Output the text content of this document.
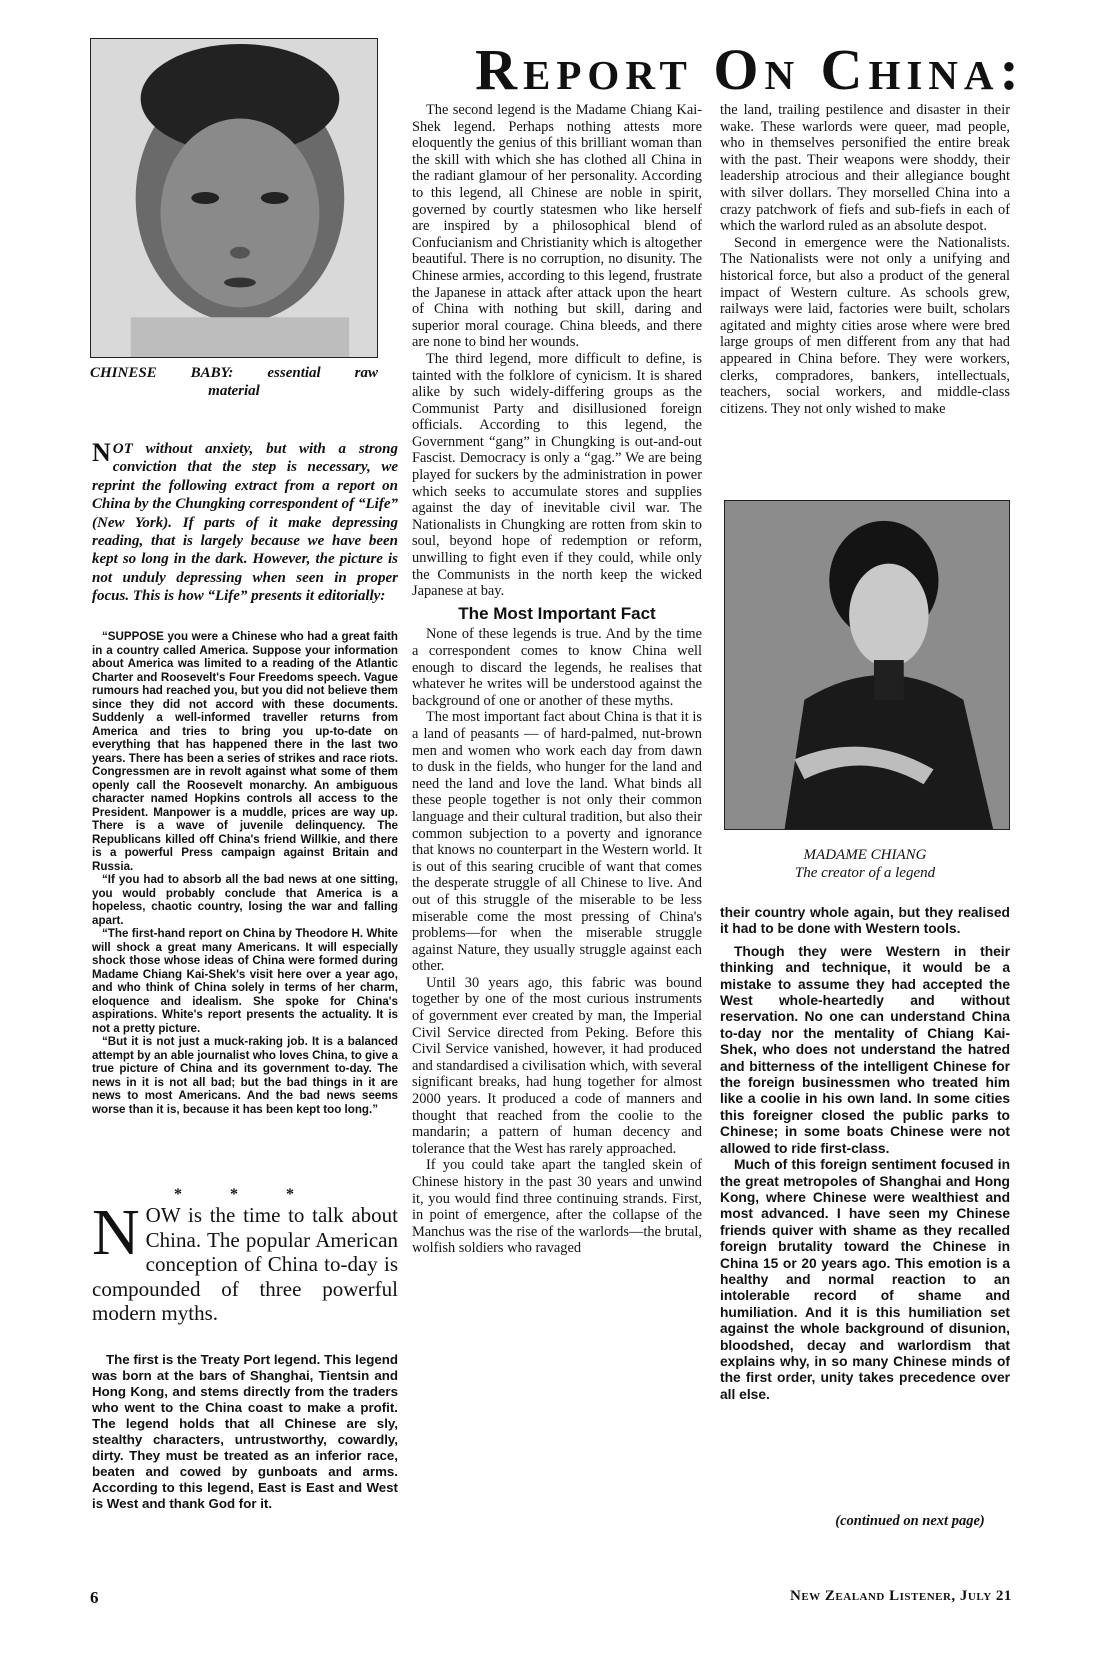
Report On China:
CHINESE BABY: essential raw
material
NOT without anxiety, but with a strong conviction that the step is necessary, we reprint the following extract from a report on China by the Chungking correspondent of “Life” (New York). If parts of it make depressing reading, that is largely because we have been kept so long in the dark. However, the picture is not unduly depressing when seen in proper focus. This is how “Life” presents it editorially:

“SUPPOSE you were a Chinese who had a great faith in a country called America. Suppose your information about America was limited to a reading of the Atlantic Charter and Roosevelt's Four Freedoms speech. Vague rumours had reached you, but you did not believe them since they did not accord with these documents. Suddenly a well-informed traveller returns from America and tries to bring you up-to-date on everything that has happened there in the last two years. There has been a series of strikes and race riots. Congressmen are in revolt against what some of them openly call the Roosevelt monarchy. An ambiguous character named Hopkins controls all access to the President. Manpower is a muddle, prices are way up. There is a wave of juvenile delinquency. The Republicans killed off China's friend Willkie, and there is a powerful Press campaign against Britain and Russia.

“If you had to absorb all the bad news at one sitting, you would probably conclude that America is a hopeless, chaotic country, losing the war and falling apart.

“The first-hand report on China by Theodore H. White will shock a great many Americans. It will especially shock those whose ideas of China were formed during Madame Chiang Kai-Shek's visit here over a year ago, and who think of China solely in terms of her charm, eloquence and idealism. She spoke for China's aspirations. White's report presents the actuality. It is not a pretty picture.

“But it is not just a muck-raking job. It is a balanced attempt by an able journalist who loves China, to give a true picture of China and its government to-day. The news in it is not all bad; but the bad things in it are news to most Americans. And the bad news seems worse than it is, because it has been kept too long.”

* * *
NOW is the time to talk about China. The popular American conception of China to-day is compounded of three powerful modern myths.

The first is the Treaty Port legend. This legend was born at the bars of Shanghai, Tientsin and Hong Kong, and stems directly from the traders who went to the China coast to make a profit. The legend holds that all Chinese are sly, stealthy characters, untrustworthy, cowardly, dirty. They must be treated as an inferior race, beaten and cowed by gunboats and arms. According to this legend, East is East and West is West and thank God for it.

The second legend is the Madame Chiang Kai-Shek legend. Perhaps nothing attests more eloquently the genius of this brilliant woman than the skill with which she has clothed all China in the radiant glamour of her personality. According to this legend, all Chinese are noble in spirit, governed by courtly statesmen who like herself are inspired by a philosophical blend of Confucianism and Christianity which is altogether beautiful. There is no corruption, no disunity. The Chinese armies, according to this legend, frustrate the Japanese in attack after attack upon the heart of China with nothing but skill, daring and superior moral courage. China bleeds, and there are none to bind her wounds.

The third legend, more difficult to define, is tainted with the folklore of cynicism. It is shared alike by such widely-differing groups as the Communist Party and disillusioned foreign officials. According to this legend, the Government “gang” in Chungking is out-and-out Fascist. Democracy is only a “gag.” We are being played for suckers by the administration in power which seeks to accumulate stores and supplies against the day of inevitable civil war. The Nationalists in Chungking are rotten from skin to soul, beyond hope of redemption or reform, unwilling to fight even if they could, while only the Communists in the north keep the wicked Japanese at bay.

The Most Important Fact

None of these legends is true. And by the time a correspondent comes to know China well enough to discard the legends, he realises that whatever he writes will be understood against the background of one or another of these myths.

The most important fact about China is that it is a land of peasants — of hard-palmed, nut-brown men and women who work each day from dawn to dusk in the fields, who hunger for the land and need the land and love the land. What binds all these people together is not only their common language and their cultural tradition, but also their common subjection to a poverty and ignorance that knows no counterpart in the Western world. It is out of this searing crucible of want that comes the desperate struggle of all Chinese to live. And out of this struggle of the miserable to be less miserable come the most pressing of China's problems—for when the miserable struggle against Nature, they usually struggle against each other.

Until 30 years ago, this fabric was bound together by one of the most curious instruments of government ever created by man, the Imperial Civil Service directed from Peking. Before this Civil Service vanished, however, it had produced and standardised a civilisation which, with several significant breaks, had hung together for almost 2000 years. It produced a code of manners and thought that reached from the coolie to the mandarin; a pattern of human decency and tolerance that the West has rarely approached.

If you could take apart the tangled skein of Chinese history in the past 30 years and unwind it, you would find three continuing strands. First, in point of emergence, after the collapse of the Manchus was the rise of the warlords—the brutal, wolfish soldiers who ravaged

the land, trailing pestilence and disaster in their wake. These warlords were queer, mad people, who in themselves personified the entire break with the past. Their weapons were shoddy, their leadership atrocious and their allegiance bought with silver dollars. They morselled China into a crazy patchwork of fiefs and sub-fiefs in each of which the warlord ruled as an absolute despot.

Second in emergence were the Nationalists. The Nationalists were not only a unifying and historical force, but also a product of the general impact of Western culture. As schools grew, railways were laid, factories were built, scholars agitated and mighty cities arose where were bred large groups of men different from any that had appeared in China before. They were workers, clerks, compradores, bankers, intellectuals, teachers, social workers, and middle-class citizens. They not only wished to make

MADAME CHIANG
The creator of a legend

their country whole again, but they realised it had to be done with Western tools.

Though they were Western in their thinking and technique, it would be a mistake to assume they had accepted the West whole-heartedly and without reservation. No one can understand China to-day nor the mentality of Chiang Kai-Shek, who does not understand the hatred and bitterness of the intelligent Chinese for the foreign businessmen who treated him like a coolie in his own land. In some cities this foreigner closed the public parks to Chinese; in some boats Chinese were not allowed to ride first-class.

Much of this foreign sentiment focused in the great metropoles of Shanghai and Hong Kong, where Chinese were wealthiest and most advanced. I have seen my Chinese friends quiver with shame as they recalled foreign brutality toward the Chinese in China 15 or 20 years ago. This emotion is a healthy and normal reaction to an intolerable record of shame and humiliation. And it is this humiliation set against the whole background of disunion, bloodshed, decay and warlordism that explains why, in so many Chinese minds of the first order, unity takes precedence over all else.

(continued on next page)
6	New Zealand Listener, July 21
